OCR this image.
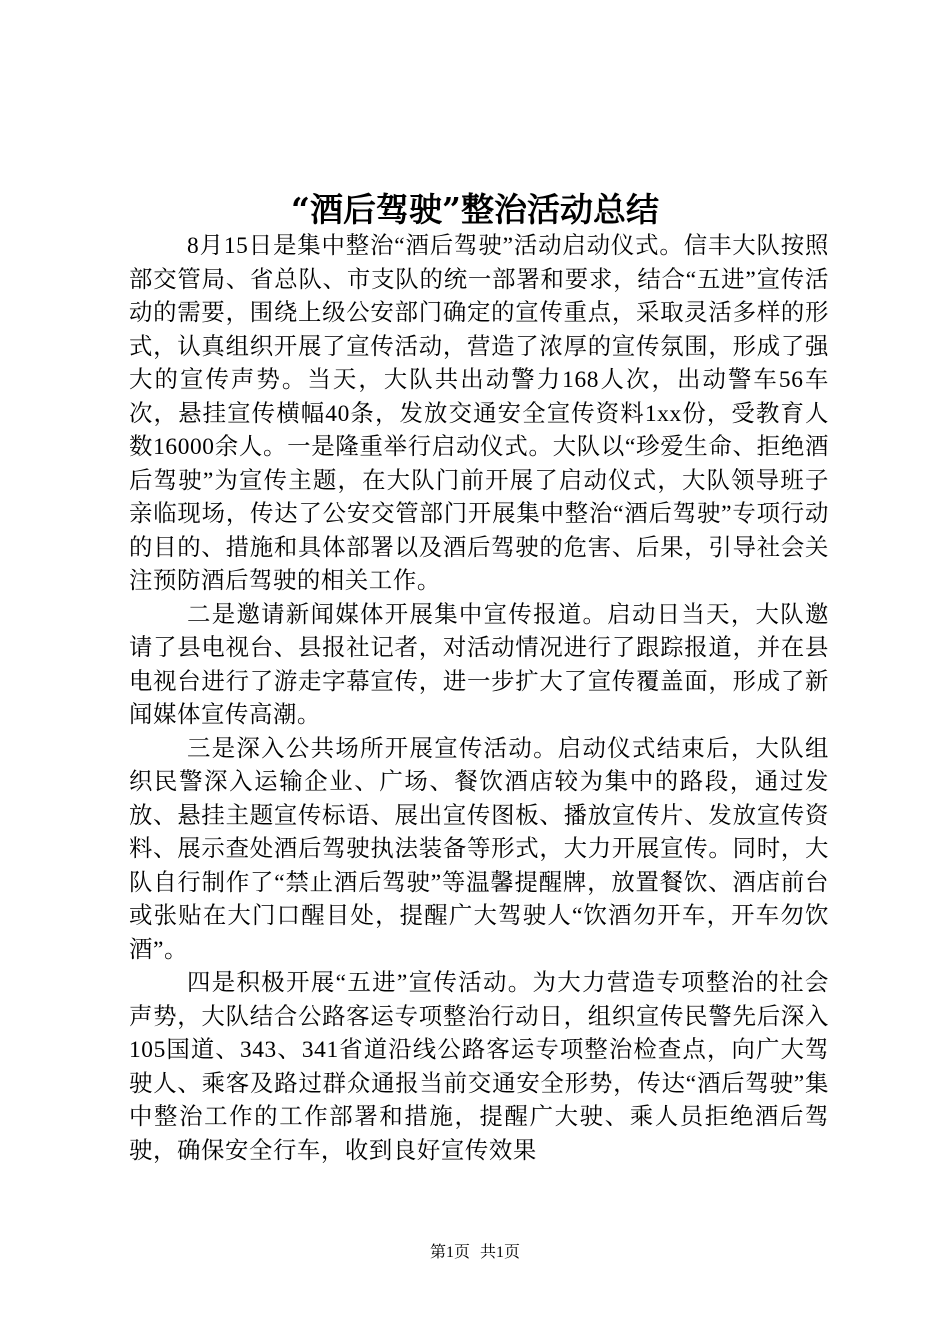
“酒后驾驶”整治活动总结

8月15日是集中整治“酒后驾驶”活动启动仪式。信丰大队按照部交管局、省总队、市支队的统一部署和要求，结合“五进”宣传活动的需要，围绕上级公安部门确定的宣传重点，采取灵活多样的形式，认真组织开展了宣传活动，营造了浓厚的宣传氛围，形成了强大的宣传声势。当天，大队共出动警力168人次，出动警车56车次，悬挂宣传横幅40条，发放交通安全宣传资料1xx份，受教育人数16000余人。一是隆重举行启动仪式。大队以“珍爱生命、拒绝酒后驾驶”为宣传主题，在大队门前开展了启动仪式，大队领导班子亲临现场，传达了公安交管部门开展集中整治“酒后驾驶”专项行动的目的、措施和具体部署以及酒后驾驶的危害、后果，引导社会关注预防酒后驾驶的相关工作。

二是邀请新闻媒体开展集中宣传报道。启动日当天，大队邀请了县电视台、县报社记者，对活动情况进行了跟踪报道，并在县电视台进行了游走字幕宣传，进一步扩大了宣传覆盖面，形成了新闻媒体宣传高潮。

三是深入公共场所开展宣传活动。启动仪式结束后，大队组织民警深入运输企业、广场、餐饮酒店较为集中的路段，通过发放、悬挂主题宣传标语、展出宣传图板、播放宣传片、发放宣传资料、展示查处酒后驾驶执法装备等形式，大力开展宣传。同时，大队自行制作了“禁止酒后驾驶”等温馨提醒牌，放置餐饮、酒店前台或张贴在大门口醒目处，提醒广大驾驶人“饮酒勿开车，开车勿饮酒”。

四是积极开展“五进”宣传活动。为大力营造专项整治的社会声势，大队结合公路客运专项整治行动日，组织宣传民警先后深入105国道、343、341省道沿线公路客运专项整治检查点，向广大驾驶人、乘客及路过群众通报当前交通安全形势，传达“酒后驾驶”集中整治工作的工作部署和措施，提醒广大驶、乘人员拒绝酒后驾驶，确保安全行车，收到良好宣传效果

第1页 共1页
